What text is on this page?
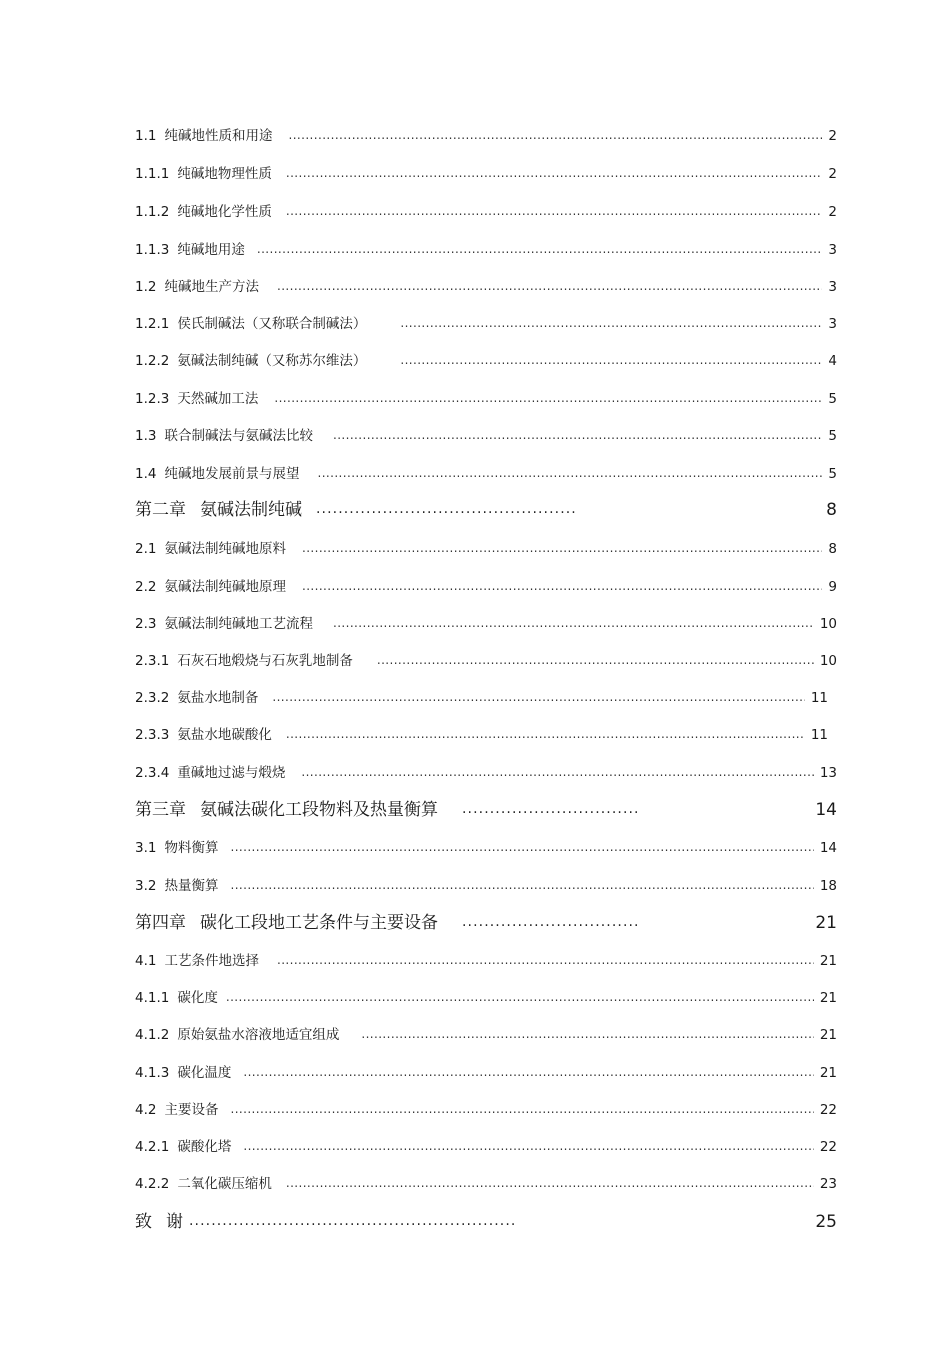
1.1 纯碱地性质和用途 .....	2
1.1.1 纯碱地物理性质 .....	2
1.1.2 纯碱地化学性质 .....	2
1.1.3 纯碱地用途 .....	3
1.2 纯碱地生产方法 .....	3
1.2.1 侯氏制碱法（又称联合制碱法） .....	3
1.2.2 氨碱法制纯碱（又称苏尔维法） .....	4
1.2.3 天然碱加工法 .....	5
1.3 联合制碱法与氨碱法比较 .....	5
1.4 纯碱地发展前景与展望 .....	5
第二章 氨碱法制纯碱 .....	8
2.1 氨碱法制纯碱地原料 .....	8
2.2 氨碱法制纯碱地原理 .....	9
2.3 氨碱法制纯碱地工艺流程 .....	10
2.3.1 石灰石地煅烧与石灰乳地制备 .....	10
2.3.2 氨盐水地制备 .....	11
2.3.3 氨盐水地碳酸化 .....	11
2.3.4 重碱地过滤与煅烧 .....	13
第三章 氨碱法碳化工段物料及热量衡算 .....	14
3.1 物料衡算 .....	14
3.2 热量衡算 .....	18
第四章 碳化工段地工艺条件与主要设备 .....	21
4.1 工艺条件地选择 .....	21
4.1.1 碳化度 .....	21
4.1.2 原始氨盐水溶液地适宜组成 .....	21
4.1.3 碳化温度 .....	21
4.2 主要设备 .....	22
4.2.1 碳酸化塔 .....	22
4.2.2 二氧化碳压缩机 .....	23
致 谢 .....	25
